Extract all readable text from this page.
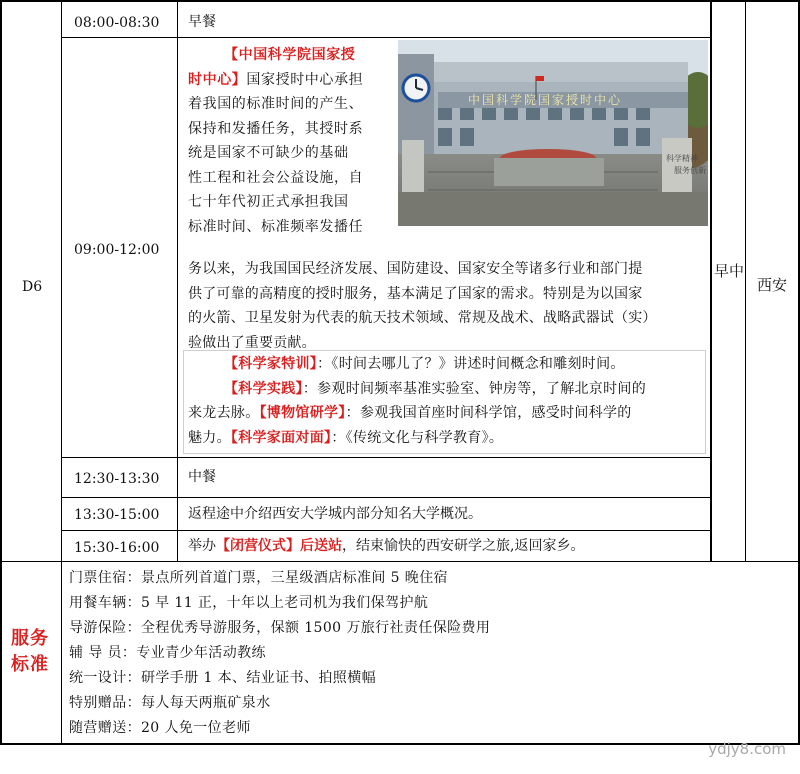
D6
服务
标准
08:00-08:30
09:00-12:00
12:30-13:30
13:30-15:00
15:30-16:00
早中
西安
早餐
中餐
返程途中介绍西安大学城内部分知名大学概况。
举办【闭营仪式】后送站，结束愉快的西安研学之旅,返回家乡。
【中国科学院国家授
时中心】国家授时中心承担
着我国的标准时间的产生、
保持和发播任务，其授时系
统是国家不可缺少的基础
性工程和社会公益设施，自
七十年代初正式承担我国
标准时间、标准频率发播任
务以来，为我国国民经济发展、国防建设、国家安全等诸多行业和部门提
供了可靠的高精度的授时服务，基本满足了国家的需求。特别是为以国家
的火箭、卫星发射为代表的航天技术领域、常规及战术、战略武器试（实）
验做出了重要贡献。
中国科学院国家授时中心
科学精神
服务创新
【科学家特训】：《时间去哪儿了？》讲述时间概念和雕刻时间。
【科学实践】：参观时间频率基准实验室、钟房等，了解北京时间的
来龙去脉。【博物馆研学】：参观我国首座时间科学馆，感受时间科学的
魅力。【科学家面对面】：《传统文化与科学教育》。
门票住宿：景点所列首道门票，三星级酒店标准间 5 晚住宿
用餐车辆：5 早 11 正，十年以上老司机为我们保驾护航
导游保险：全程优秀导游服务，保额 1500 万旅行社责任保险费用
辅 导 员：专业青少年活动教练
统一设计：研学手册 1 本、结业证书、拍照横幅
特别赠品：每人每天两瓶矿泉水
随营赠送：20 人免一位老师
ydjy8.com
